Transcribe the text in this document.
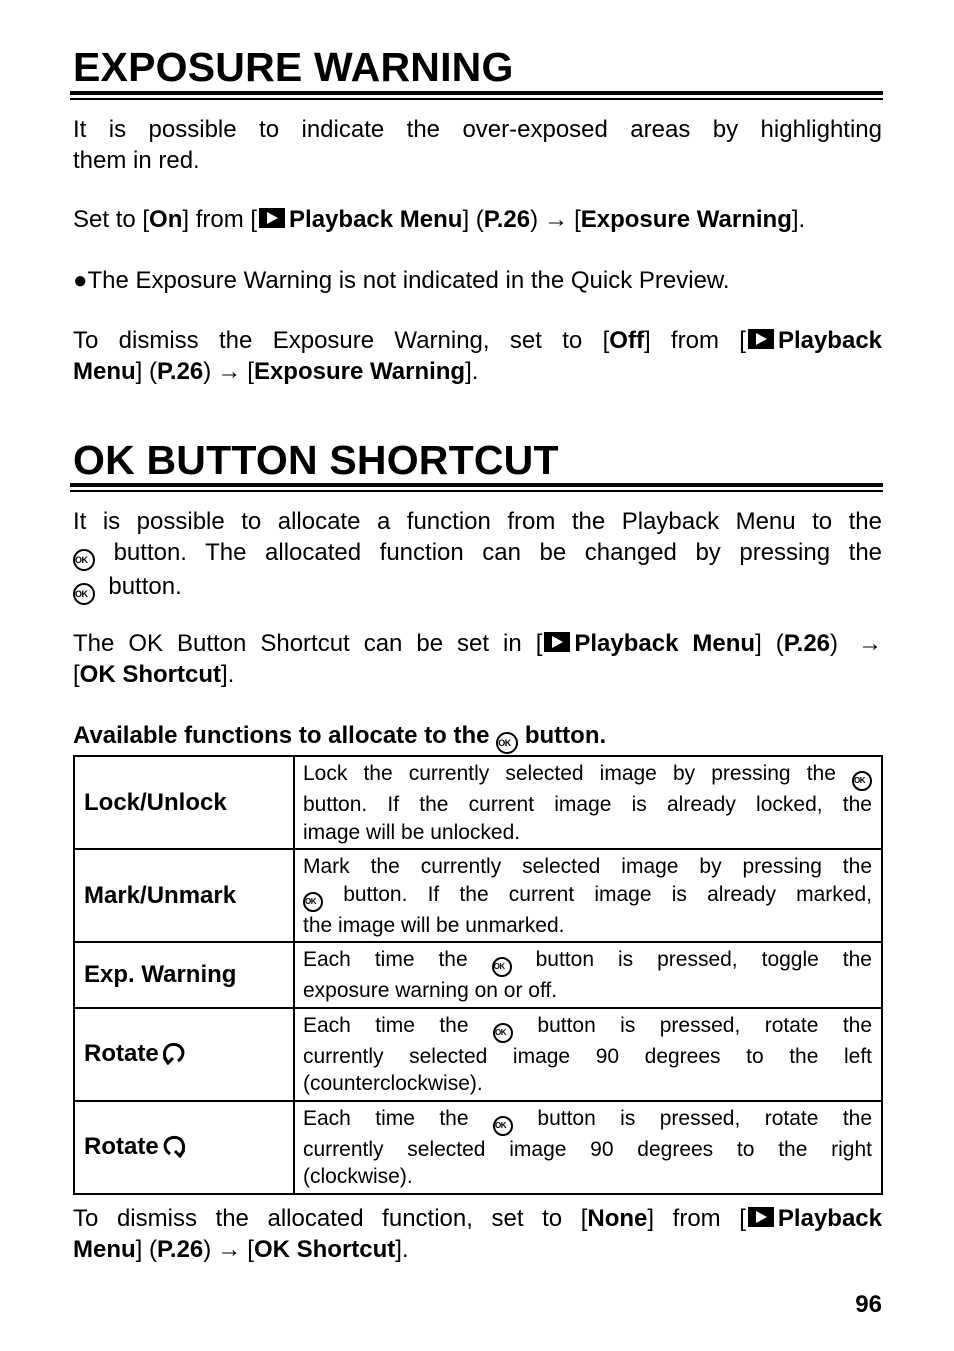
EXPOSURE WARNING
It is possible to indicate the over-exposed areas by highlighting
them in red.
Set to [On] from [ Playback Menu] (P.26) → [Exposure Warning].
●The Exposure Warning is not indicated in the Quick Preview.
To dismiss the Exposure Warning, set to [Off] from [ Playback
Menu] (P.26) → [Exposure Warning].
OK BUTTON SHORTCUT
It is possible to allocate a function from the Playback Menu to the
OK button. The allocated function can be changed by pressing the
OK button.
The OK Button Shortcut can be set in [ Playback Menu] (P.26) →
[OK Shortcut].
Available functions to allocate to the OK button.
Lock/Unlock	Lock the currently selected image by pressing the OK
button. If the current image is already locked, the
image will be unlocked.

Mark/Unmark	Mark the currently selected image by pressing the
OK button. If the current image is already marked,
the image will be unmarked.

Exp. Warning	Each time the OK button is pressed, toggle the
exposure warning on or off.

Rotate	Each time the OK button is pressed, rotate the
currently selected image 90 degrees to the left
(counterclockwise).

Rotate	Each time the OK button is pressed, rotate the
currently selected image 90 degrees to the right
(clockwise).
To dismiss the allocated function, set to [None] from [ Playback
Menu] (P.26) → [OK Shortcut].
96
